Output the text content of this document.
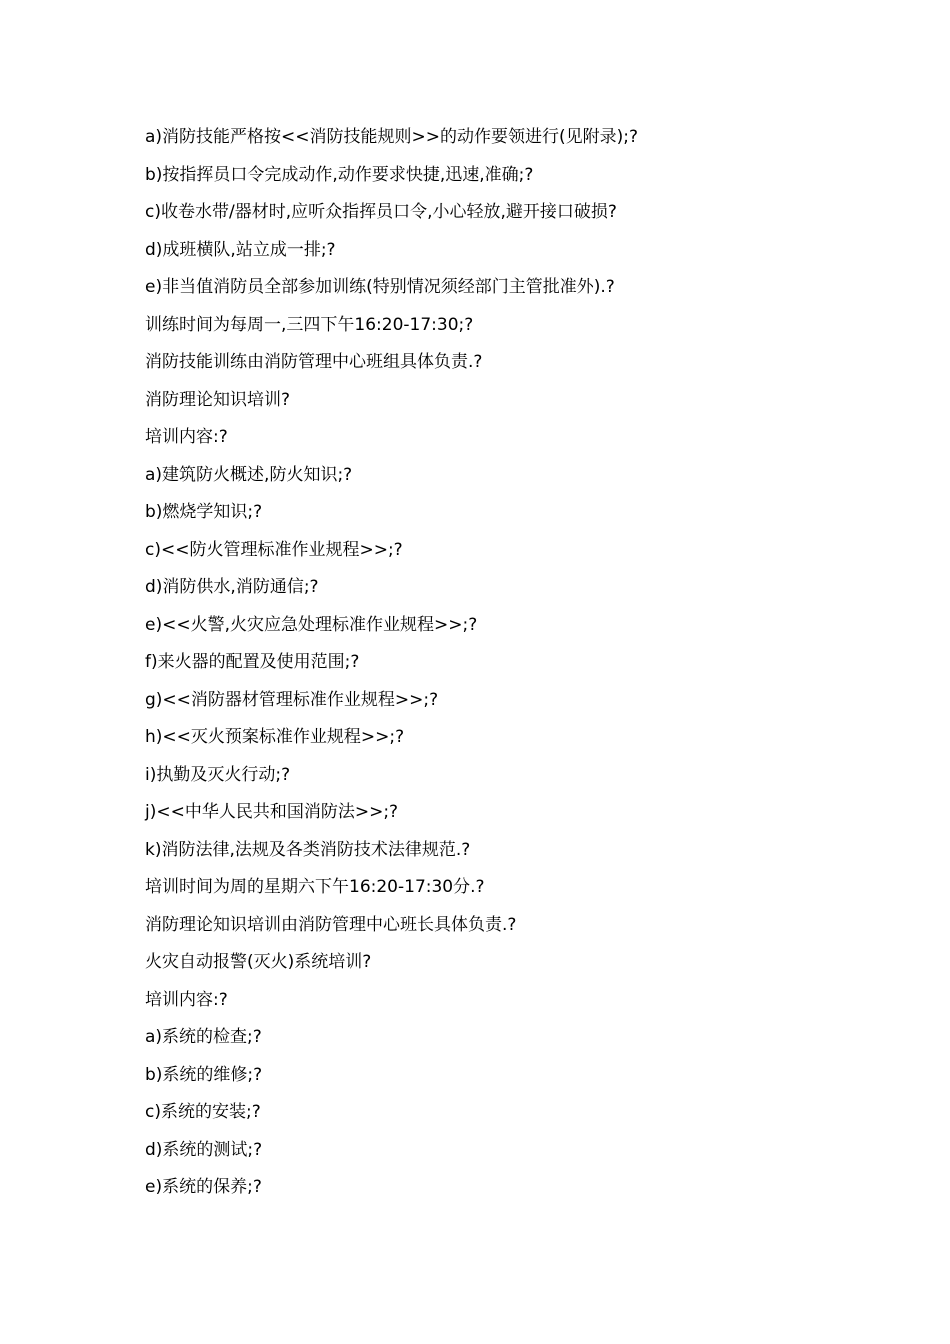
a)消防技能严格按<<消防技能规则>>的动作要领进行(见附录);?
b)按指挥员口令完成动作,动作要求快捷,迅速,准确;?
c)收卷水带/器材时,应听众指挥员口令,小心轻放,避开接口破损?
d)成班横队,站立成一排;?
e)非当值消防员全部参加训练(特别情况须经部门主管批准外).?
训练时间为每周一,三四下午16:20-17:30;?
消防技能训练由消防管理中心班组具体负责.?
消防理论知识培训?
培训内容:?
a)建筑防火概述,防火知识;?
b)燃烧学知识;?
c)<<防火管理标准作业规程>>;?
d)消防供水,消防通信;?
e)<<火警,火灾应急处理标准作业规程>>;?
f)来火器的配置及使用范围;?
g)<<消防器材管理标准作业规程>>;?
h)<<灭火预案标准作业规程>>;?
i)执勤及灭火行动;?
j)<<中华人民共和国消防法>>;?
k)消防法律,法规及各类消防技术法律规范.?
培训时间为周的星期六下午16:20-17:30分.?
消防理论知识培训由消防管理中心班长具体负责.?
火灾自动报警(灭火)系统培训?
培训内容:?
a)系统的检查;?
b)系统的维修;?
c)系统的安装;?
d)系统的测试;?
e)系统的保养;?
